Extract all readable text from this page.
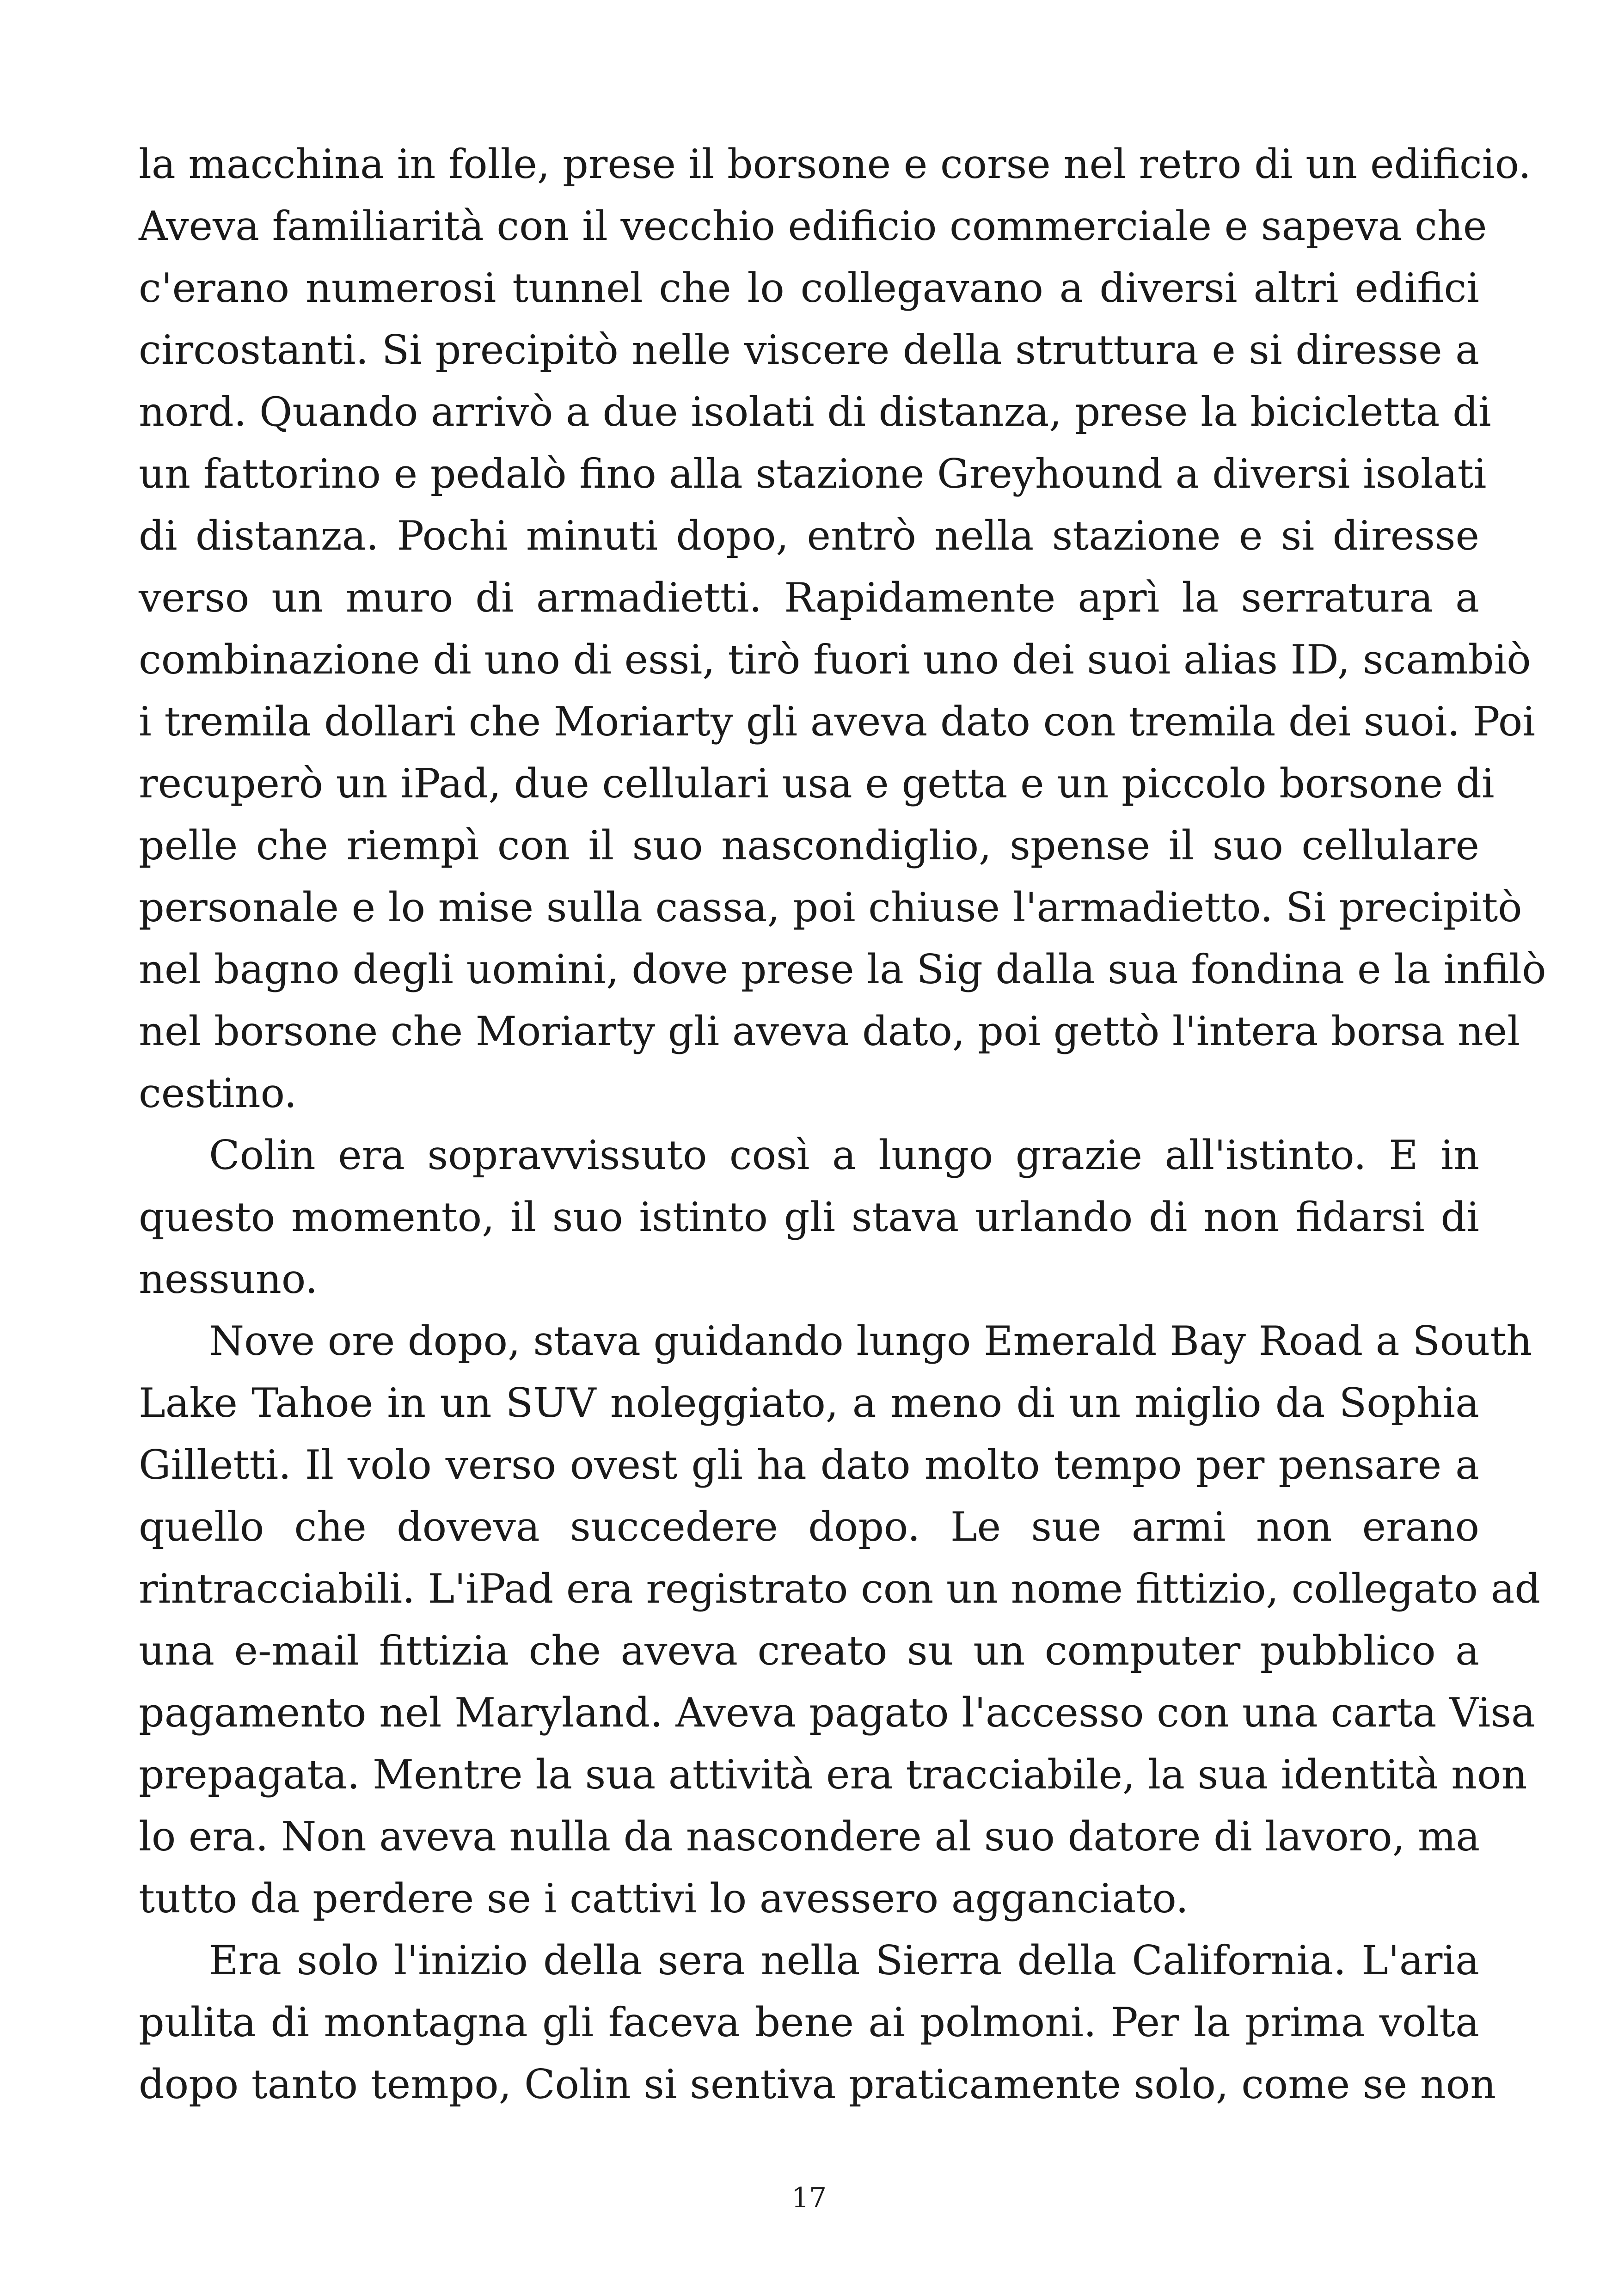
la macchina in folle, prese il borsone e corse nel retro di un edificio.
Aveva familiarità con il vecchio edificio commerciale e sapeva che
c'erano numerosi tunnel che lo collegavano a diversi altri edifici
circostanti. Si precipitò nelle viscere della struttura e si diresse a
nord. Quando arrivò a due isolati di distanza, prese la bicicletta di
un fattorino e pedalò fino alla stazione Greyhound a diversi isolati
di distanza. Pochi minuti dopo, entrò nella stazione e si diresse
verso un muro di armadietti. Rapidamente aprì la serratura a
combinazione di uno di essi, tirò fuori uno dei suoi alias ID, scambiò
i tremila dollari che Moriarty gli aveva dato con tremila dei suoi. Poi
recuperò un iPad, due cellulari usa e getta e un piccolo borsone di
pelle che riempì con il suo nascondiglio, spense il suo cellulare
personale e lo mise sulla cassa, poi chiuse l'armadietto. Si precipitò
nel bagno degli uomini, dove prese la Sig dalla sua fondina e la infilò
nel borsone che Moriarty gli aveva dato, poi gettò l'intera borsa nel
cestino.

Colin era sopravvissuto così a lungo grazie all'istinto. E in
questo momento, il suo istinto gli stava urlando di non fidarsi di
nessuno.

Nove ore dopo, stava guidando lungo Emerald Bay Road a South
Lake Tahoe in un SUV noleggiato, a meno di un miglio da Sophia
Gilletti. Il volo verso ovest gli ha dato molto tempo per pensare a
quello che doveva succedere dopo. Le sue armi non erano
rintracciabili. L'iPad era registrato con un nome fittizio, collegato ad
una e-mail fittizia che aveva creato su un computer pubblico a
pagamento nel Maryland. Aveva pagato l'accesso con una carta Visa
prepagata. Mentre la sua attività era tracciabile, la sua identità non
lo era. Non aveva nulla da nascondere al suo datore di lavoro, ma
tutto da perdere se i cattivi lo avessero agganciato.

Era solo l'inizio della sera nella Sierra della California. L'aria
pulita di montagna gli faceva bene ai polmoni. Per la prima volta
dopo tanto tempo, Colin si sentiva praticamente solo, come se non

17
